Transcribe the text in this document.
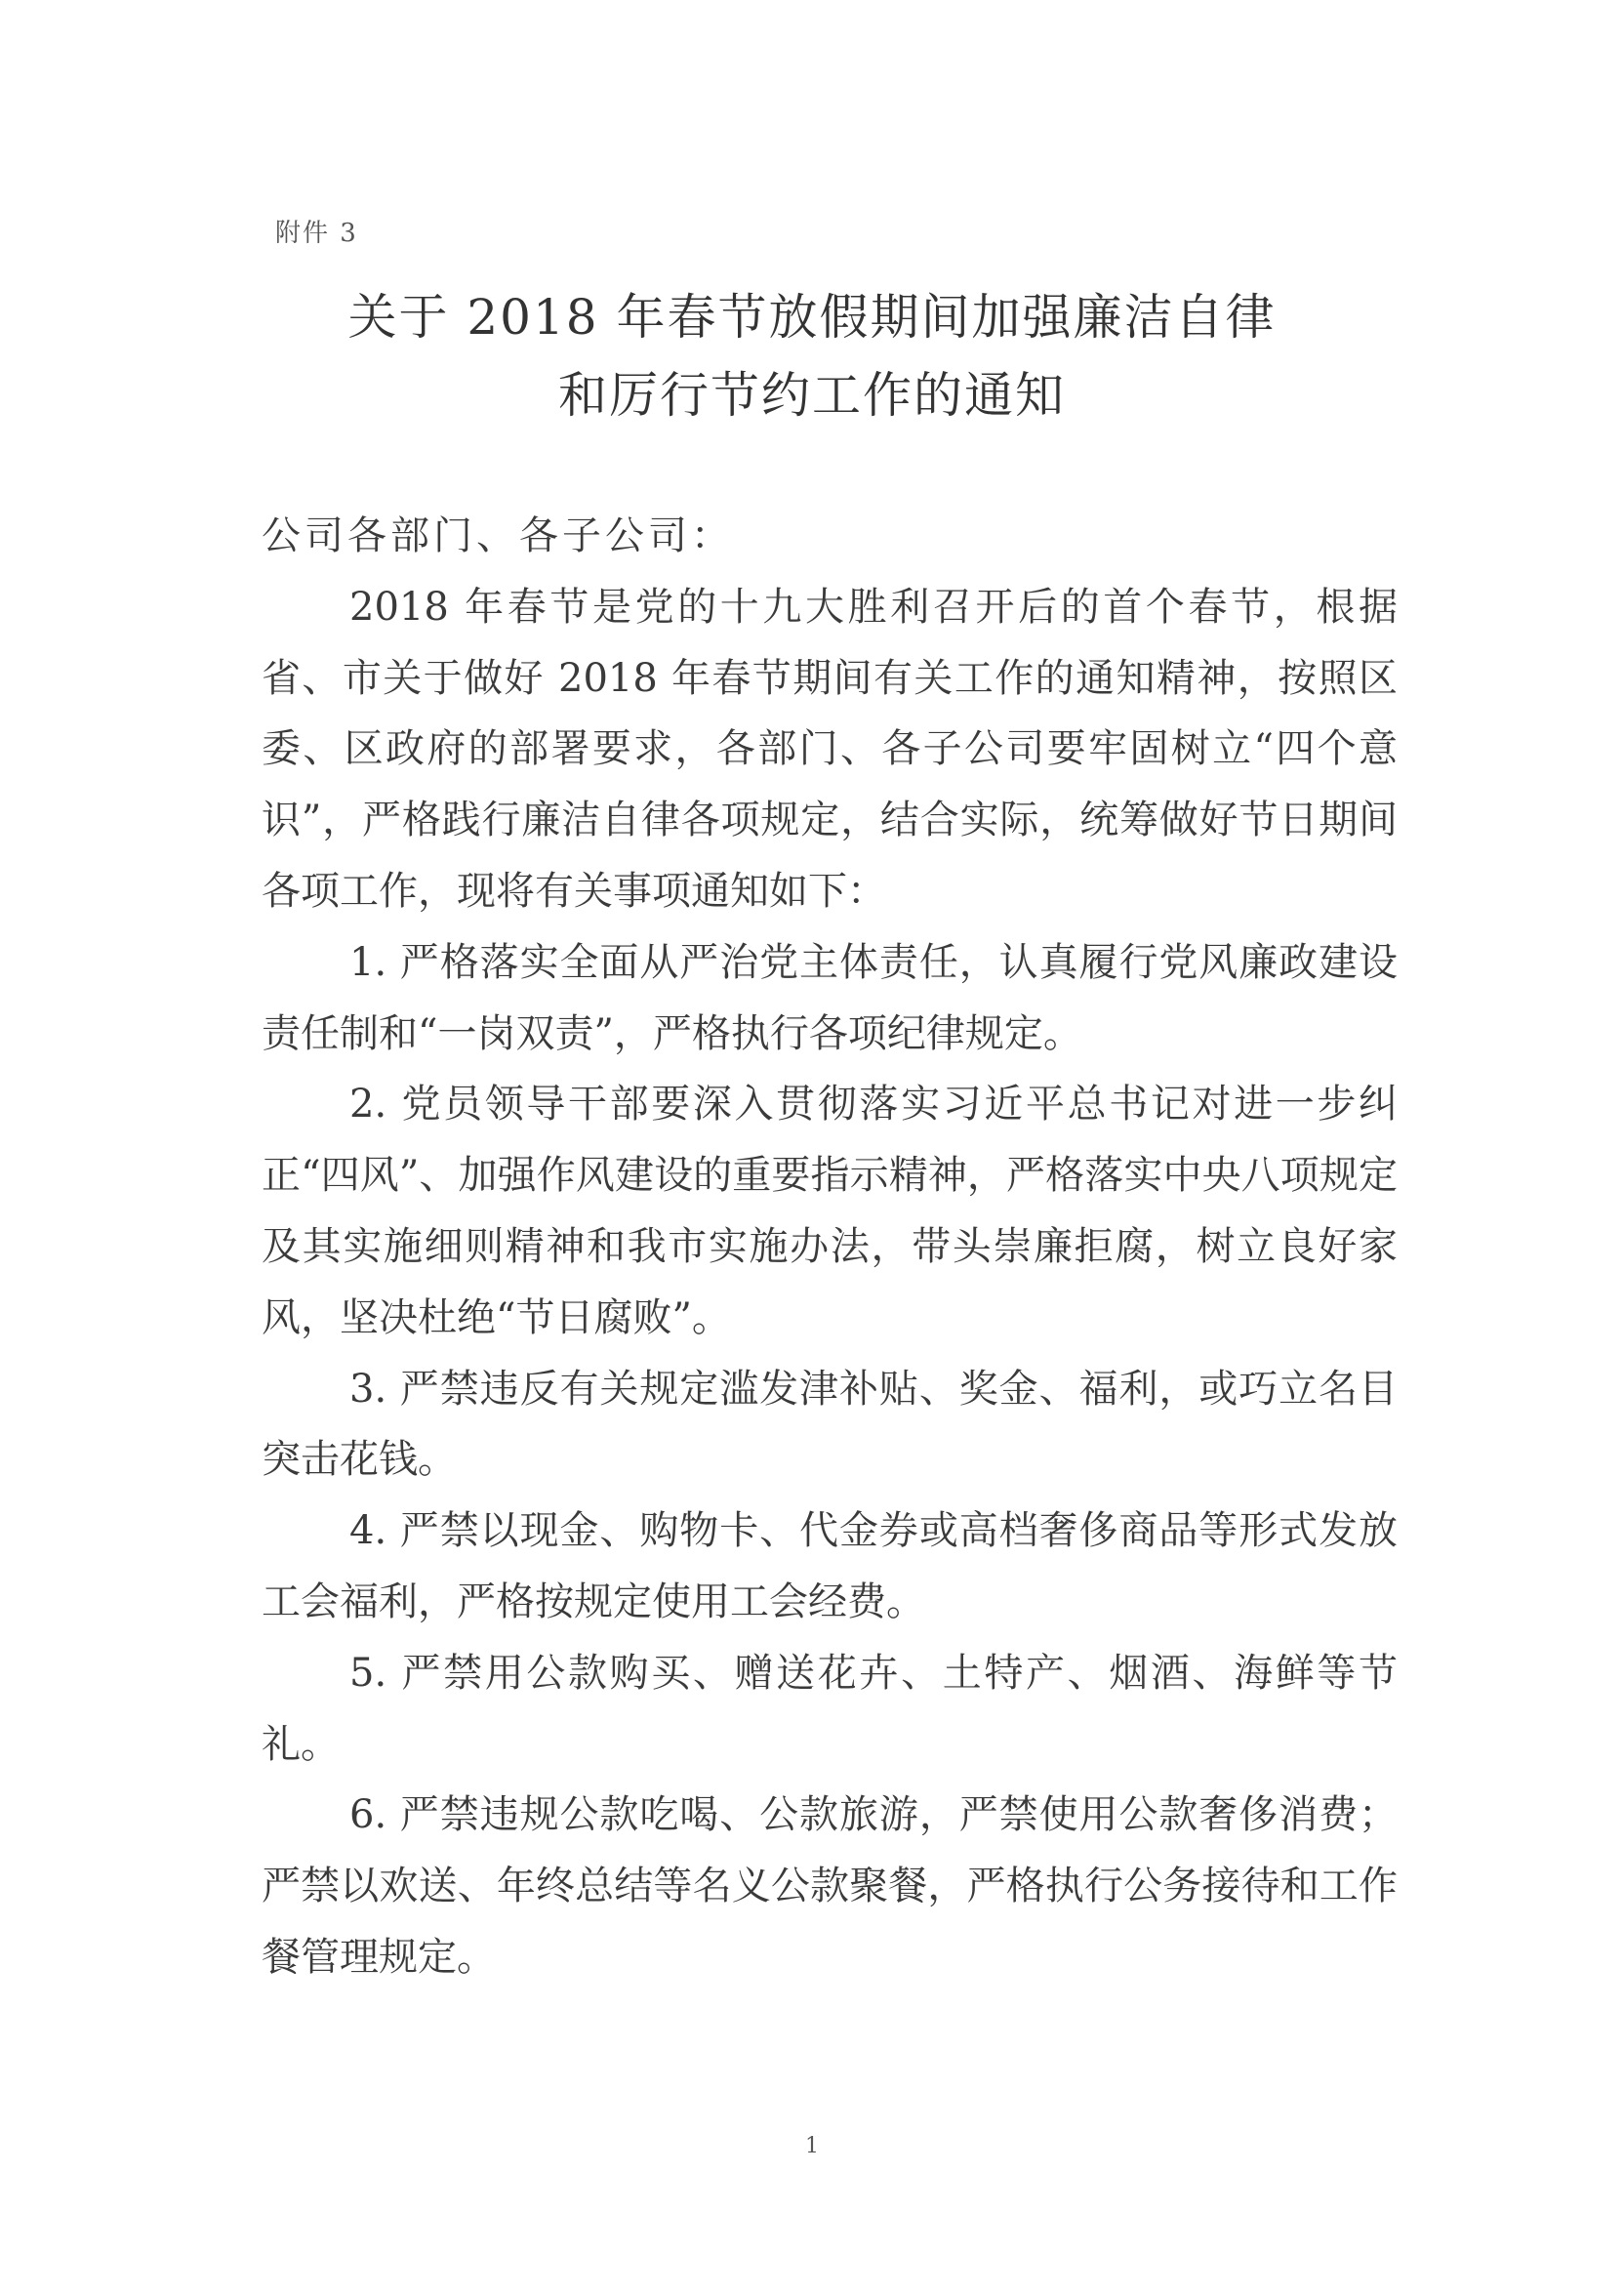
附件 3
关于 2018 年春节放假期间加强廉洁自律
和厉行节约工作的通知

公司各部门、各子公司：

2018 年春节是党的十九大胜利召开后的首个春节，根据省、市关于做好 2018 年春节期间有关工作的通知精神，按照区委、区政府的部署要求，各部门、各子公司要牢固树立“四个意识”，严格践行廉洁自律各项规定，结合实际，统筹做好节日期间各项工作，现将有关事项通知如下：

1. 严格落实全面从严治党主体责任，认真履行党风廉政建设责任制和“一岗双责”，严格执行各项纪律规定。

2. 党员领导干部要深入贯彻落实习近平总书记对进一步纠正“四风”、加强作风建设的重要指示精神，严格落实中央八项规定及其实施细则精神和我市实施办法，带头崇廉拒腐，树立良好家风，坚决杜绝“节日腐败”。

3. 严禁违反有关规定滥发津补贴、奖金、福利，或巧立名目突击花钱。

4. 严禁以现金、购物卡、代金券或高档奢侈商品等形式发放工会福利，严格按规定使用工会经费。

5. 严禁用公款购买、赠送花卉、土特产、烟酒、海鲜等节礼。

6. 严禁违规公款吃喝、公款旅游，严禁使用公款奢侈消费；严禁以欢送、年终总结等名义公款聚餐，严格执行公务接待和工作餐管理规定。

1
